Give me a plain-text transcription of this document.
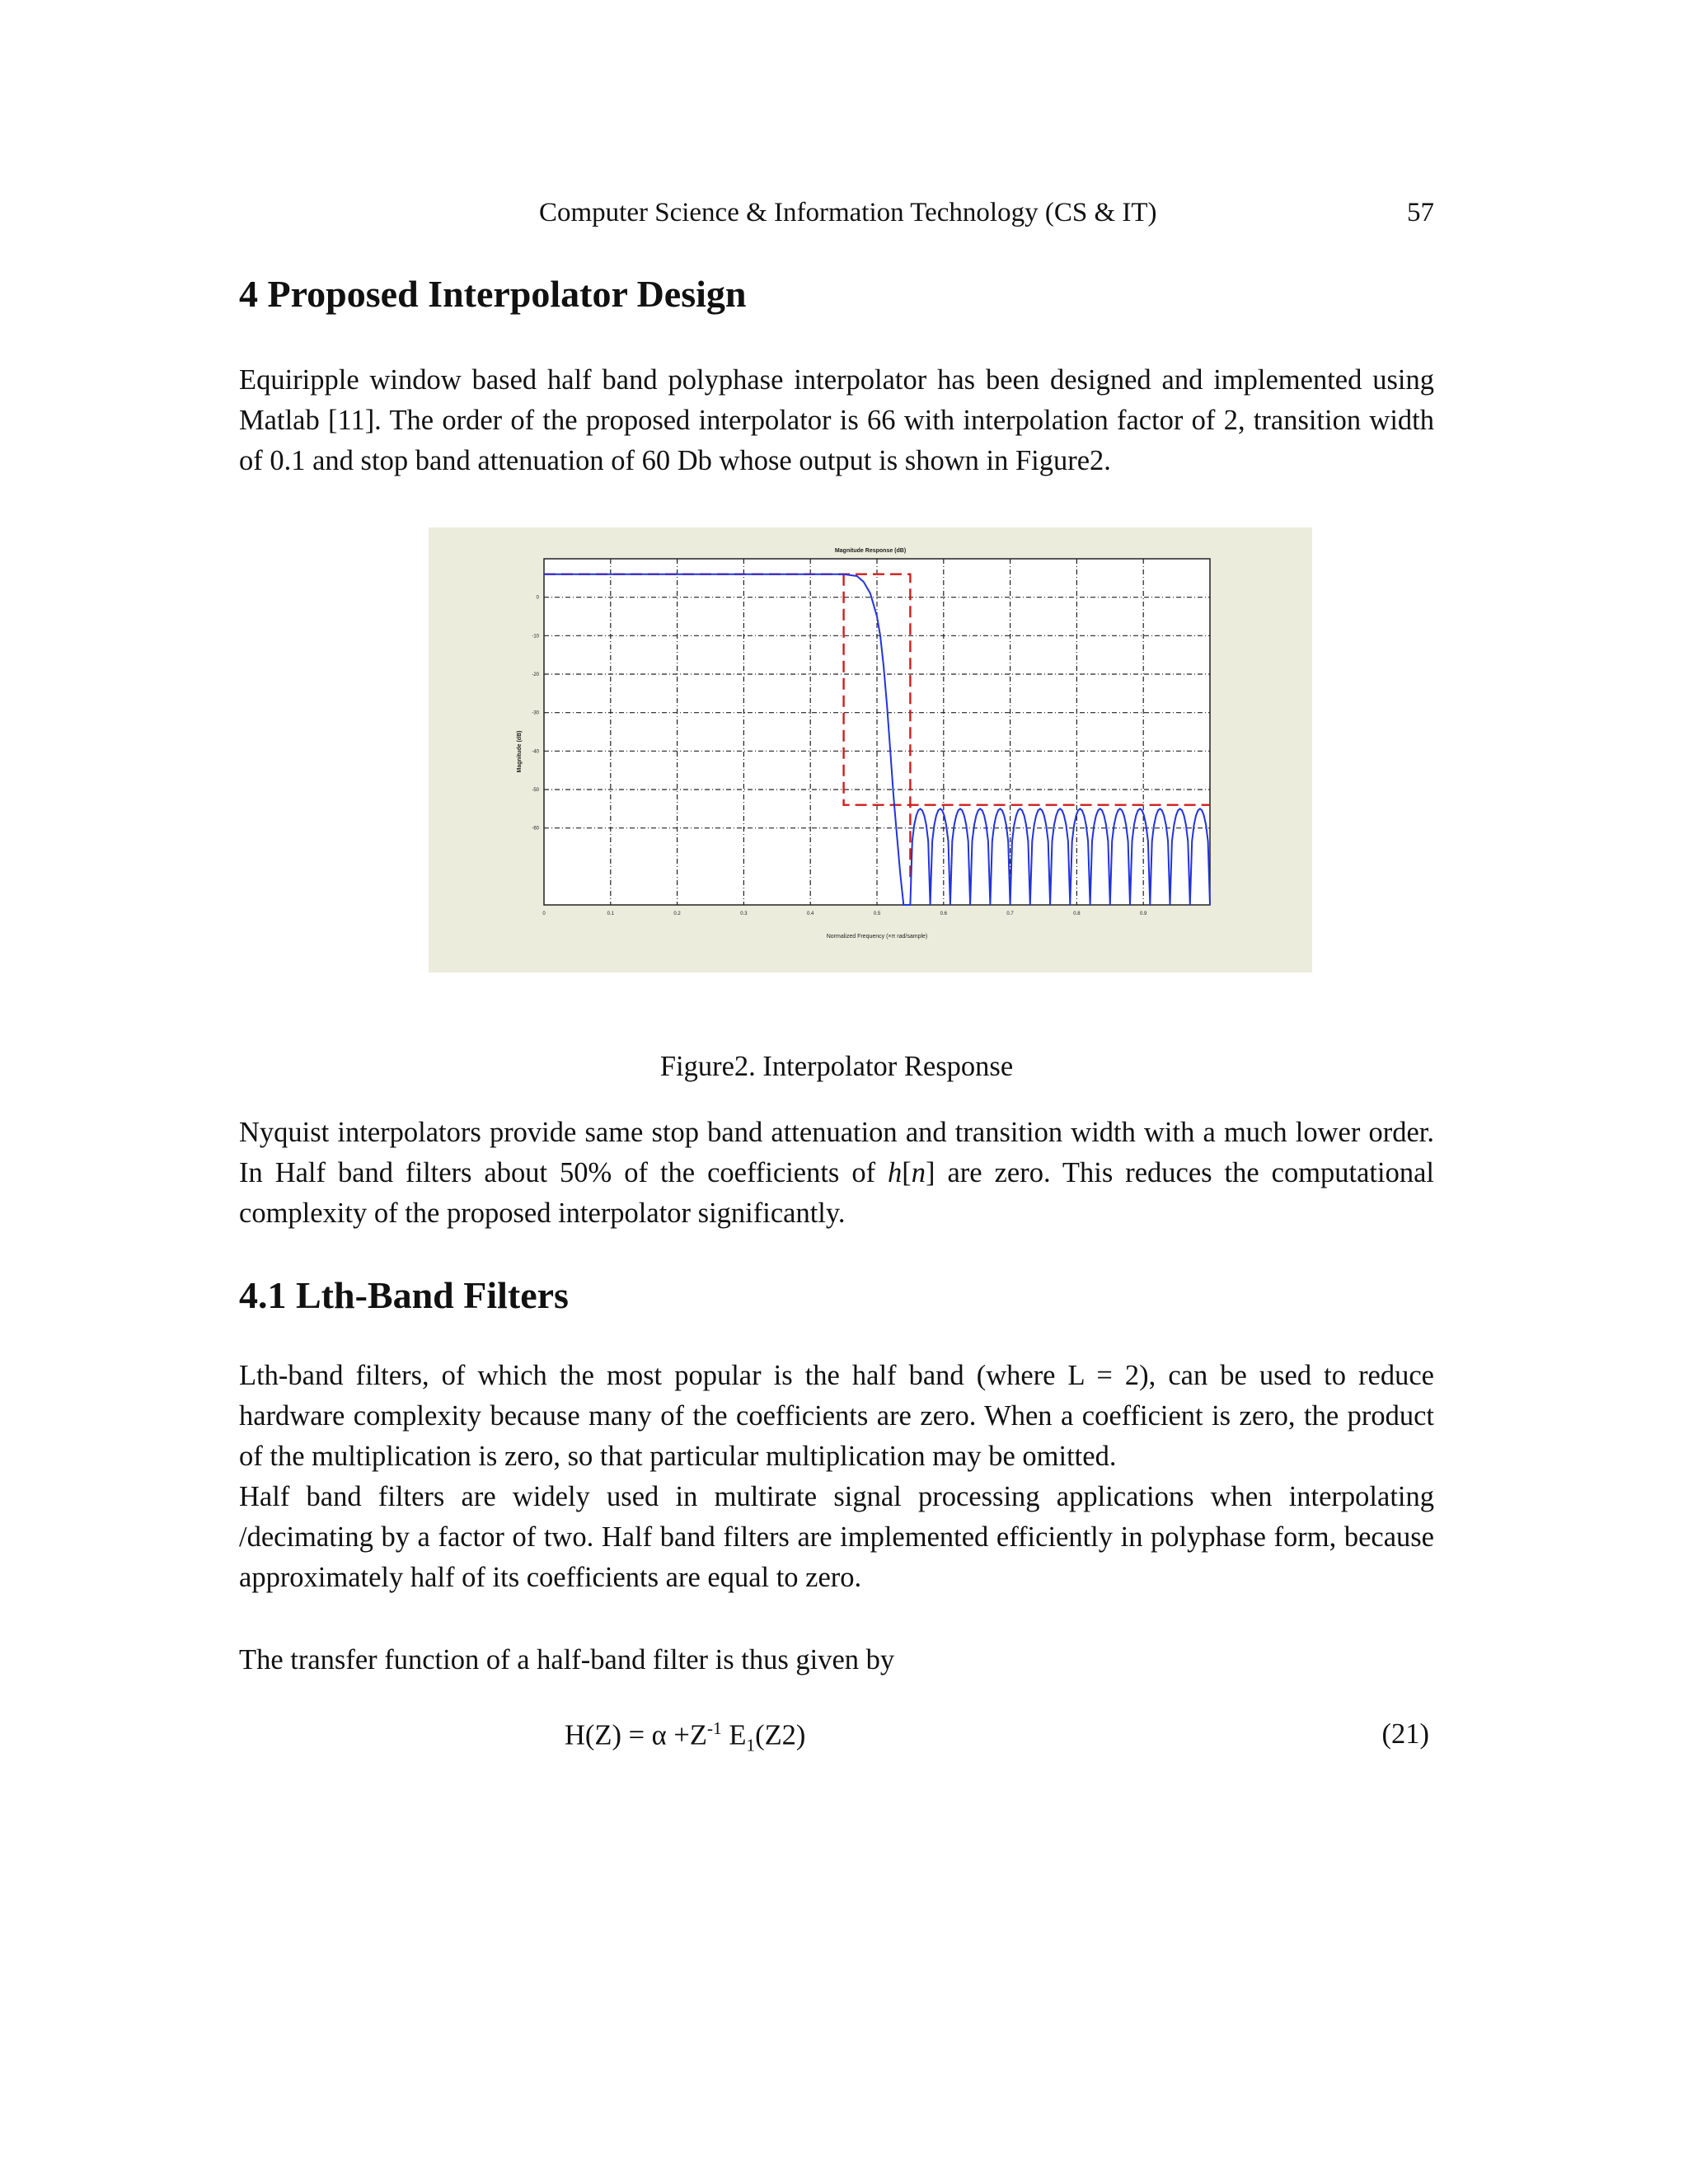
Computer Science & Information Technology (CS & IT)	57
4 Proposed Interpolator Design

Equiripple window based half band polyphase interpolator has been designed and implemented using Matlab [11]. The order of the proposed interpolator is 66 with interpolation factor of 2, transition width of 0.1 and stop band attenuation of 60 Db whose output is shown in Figure2.

Magnitude Response (dB)
0	0.1	0.2	0.3	0.4	0.5	0.6	0.7	0.8	0.9
0
-10
-20
-30
-40
-50
-60
Normalized Frequency (×π rad/sample)
Magnitude (dB)

Figure2. Interpolator Response

Nyquist interpolators provide same stop band attenuation and transition width with a much lower order. In Half band filters about 50% of the coefficients of h[n] are zero. This reduces the computational complexity of the proposed interpolator significantly.

4.1 Lth-Band Filters

Lth-band filters, of which the most popular is the half band (where L = 2), can be used to reduce hardware complexity because many of the coefficients are zero. When a coefficient is zero, the product of the multiplication is zero, so that particular multiplication may be omitted.

Half band filters are widely used in multirate signal processing applications when interpolating /decimating by a factor of two. Half band filters are implemented efficiently in polyphase form, because approximately half of its coefficients are equal to zero.

The transfer function of a half-band filter is thus given by

$H(Z) = \alpha +Z^{-1}$ $E_1(Z2)$	(21)
